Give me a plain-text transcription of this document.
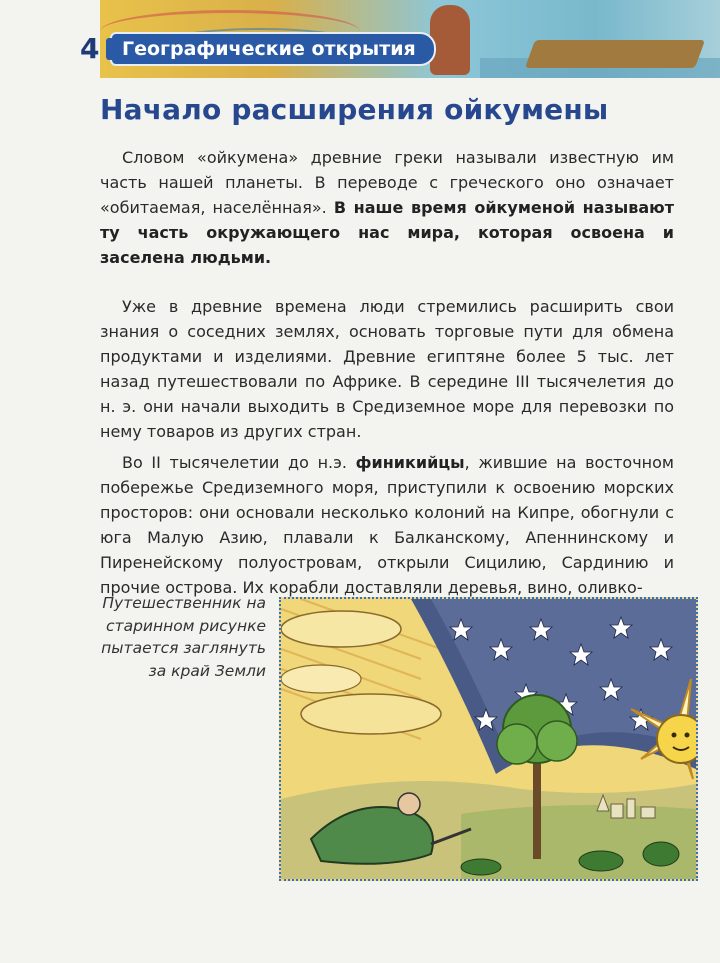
4 Географические открытия
Начало расширения ойкумены

Словом «ойкумена» древние греки называли известную им часть нашей планеты. В переводе с греческого оно означает «обитаемая, населённая». В наше время ойкуменой называют ту часть окружающего нас мира, которая освоена и заселена людьми.

Уже в древние времена люди стремились расширить свои знания о соседних землях, основать торговые пути для обмена продуктами и изделиями. Древние египтяне более 5 тыс. лет назад путешествовали по Африке. В середине III тысячелетия до н. э. они начали выходить в Средиземное море для перевозки по нему товаров из других стран.

Во II тысячелетии до н.э. финикийцы, жившие на восточном побережье Средиземного моря, приступили к освоению морских просторов: они основали несколько колоний на Кипре, обогнули с юга Малую Азию, плавали к Балканскому, Апеннинскому и Пиренейскому полуостровам, открыли Сицилию, Сардинию и прочие острова. Их корабли доставляли деревья, вино, оливко-

Путешественник на старинном рисунке пытается заглянуть за край Земли
